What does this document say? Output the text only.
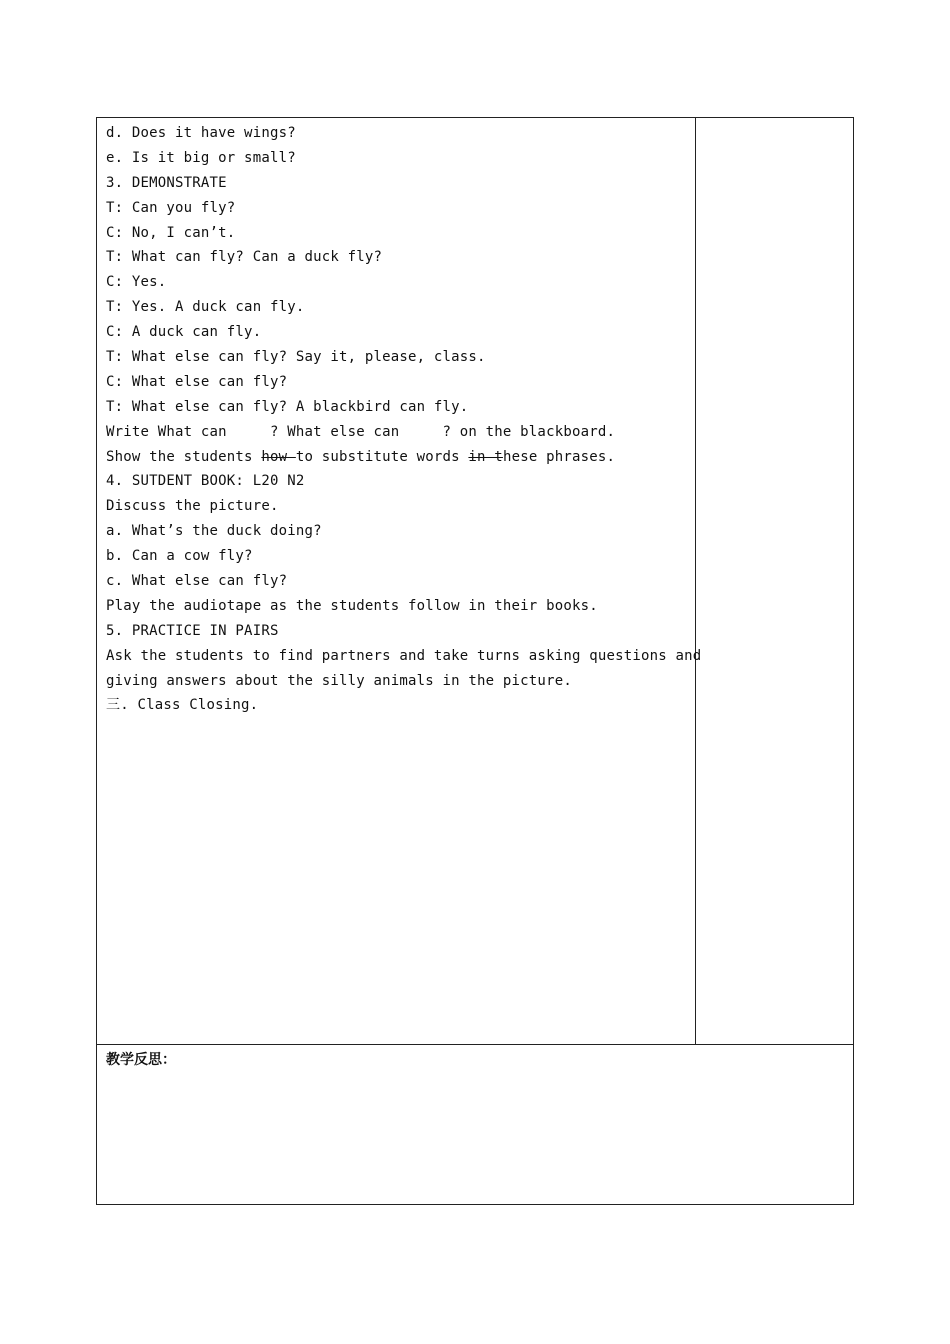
d. Does it have wings?
e. Is it big or small?
3. DEMONSTRATE
T: Can you fly?
C: No, I can’t.
T: What can fly? Can a duck fly?
C: Yes.
T: Yes. A duck can fly.
C: A duck can fly.
T: What else can fly? Say it, please, class.
C: What else can fly?
T: What else can fly? A blackbird can fly.
Write What can     ? What else can     ? on the blackboard.
Show the students how to substitute words in these phrases.
4. SUTDENT BOOK: L20 N2
Discuss the picture.
a. What’s the duck doing?
b. Can a cow fly?
c. What else can fly?
Play the audiotape as the students follow in their books.
5. PRACTICE IN PAIRS
Ask the students to find partners and take turns asking questions and
giving answers about the silly animals in the picture.
三. Class Closing.
教学反思：
